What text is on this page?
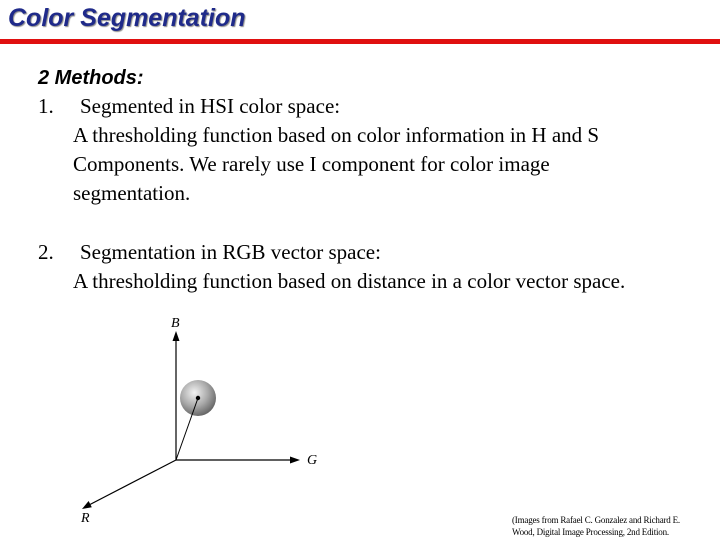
Color Segmentation
2 Methods:
1. Segmented in HSI color space:
A thresholding function based on color information in H and S
Components. We rarely use I component for color image
segmentation.
2. Segmentation in RGB vector space:
A thresholding function based on distance in a color vector space.
B
G
R	(Images from Rafael C. Gonzalez and Richard E.
Wood, Digital Image Processing, 2nd Edition.
